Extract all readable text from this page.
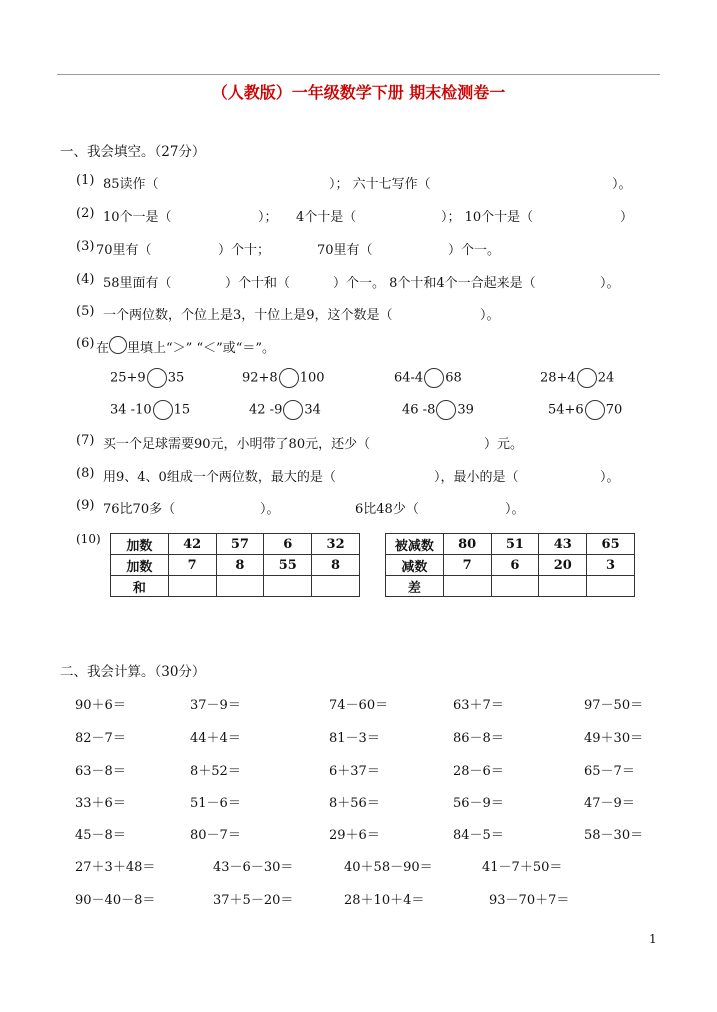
（人教版）一年级数学下册 期末检测卷一
一、我会填空。（27分）
(1) 85读作（	）； 六十七写作（	）。
(2) 10个一是（	）； 4个十是（	）； 10个十是（	）
(3) 70里有（	）个十；	70里有（	）个一。
(4) 58里面有（	）个十和（	）个一。 8个十和4个一合起来是（	）。
(5) 一个两位数，个位上是3，十位上是9，这个数是（	）。
(6) 在 里填上“＞” “＜”或“＝”。
25+9 35	92+8 100	64-4 68	28+4 24
34 -10 15	42 -9 34	46 -8 39	54+6 70
(7) 买一个足球需要90元，小明带了80元，还少（	）元。
(8) 用9、4、0组成一个两位数，最大的是（	），最小的是（	）。
(9) 76比70多（	）。	6比48少（	）。
(10) 加数	42	57	6	32
加数	7	8	55	8
和				
被减数	80	51	43	65
减数	7	6	20	3
差				
二、我会计算。（30分）
90＋6＝	37－9＝	74－60＝	63＋7＝	97－50＝
82－7＝	44＋4＝	81－3＝	86－8＝	49＋30＝
63－8＝	8＋52＝	6＋37＝	28－6＝	65－7＝
33＋6＝	51－6＝	8＋56＝	56－9＝	47－9＝
45－8＝	80－7＝	29＋6＝	84－5＝	58－30＝
27＋3＋48＝	43－6－30＝	40＋58－90＝	41－7＋50＝
90－40－8＝	37＋5－20＝	28＋10＋4＝	93－70＋7＝
1
